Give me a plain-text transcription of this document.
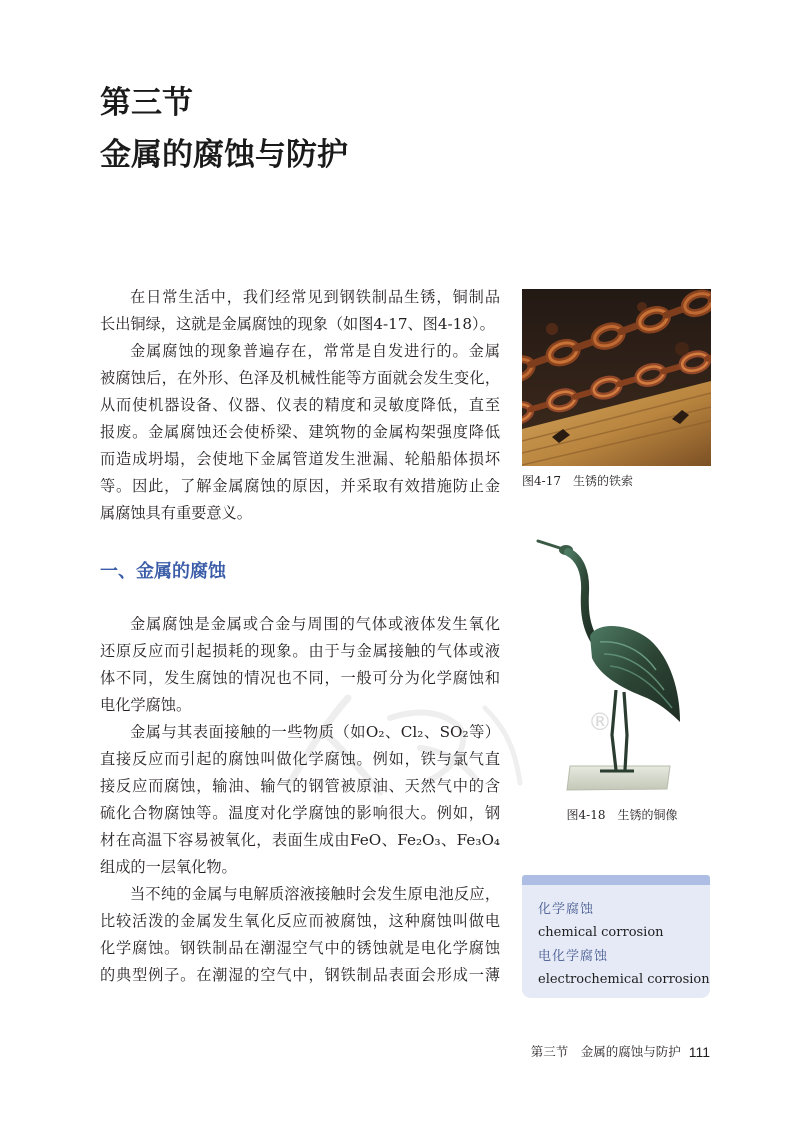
®
第三节
金属的腐蚀与防护
在日常生活中，我们经常见到钢铁制品生锈，铜制品
长出铜绿，这就是金属腐蚀的现象（如图4-17、图4-18）。
金属腐蚀的现象普遍存在，常常是自发进行的。金属
被腐蚀后，在外形、色泽及机械性能等方面就会发生变化，
从而使机器设备、仪器、仪表的精度和灵敏度降低，直至
报废。金属腐蚀还会使桥梁、建筑物的金属构架强度降低
而造成坍塌，会使地下金属管道发生泄漏、轮船船体损坏
等。因此，了解金属腐蚀的原因，并采取有效措施防止金
属腐蚀具有重要意义。
一、金属的腐蚀
金属腐蚀是金属或合金与周围的气体或液体发生氧化
还原反应而引起损耗的现象。由于与金属接触的气体或液
体不同，发生腐蚀的情况也不同，一般可分为化学腐蚀和
电化学腐蚀。
金属与其表面接触的一些物质（如O₂、Cl₂、SO₂等）
直接反应而引起的腐蚀叫做化学腐蚀。例如，铁与氯气直
接反应而腐蚀，输油、输气的钢管被原油、天然气中的含
硫化合物腐蚀等。温度对化学腐蚀的影响很大。例如，钢
材在高温下容易被氧化，表面生成由FeO、Fe₂O₃、Fe₃O₄
组成的一层氧化物。
当不纯的金属与电解质溶液接触时会发生原电池反应，
比较活泼的金属发生氧化反应而被腐蚀，这种腐蚀叫做电
化学腐蚀。钢铁制品在潮湿空气中的锈蚀就是电化学腐蚀
的典型例子。在潮湿的空气中，钢铁制品表面会形成一薄
图4-17　生锈的铁索
图4-18　生锈的铜像
化学腐蚀
chemical corrosion
电化学腐蚀
electrochemical corrosion
第三节　金属的腐蚀与防护 111
